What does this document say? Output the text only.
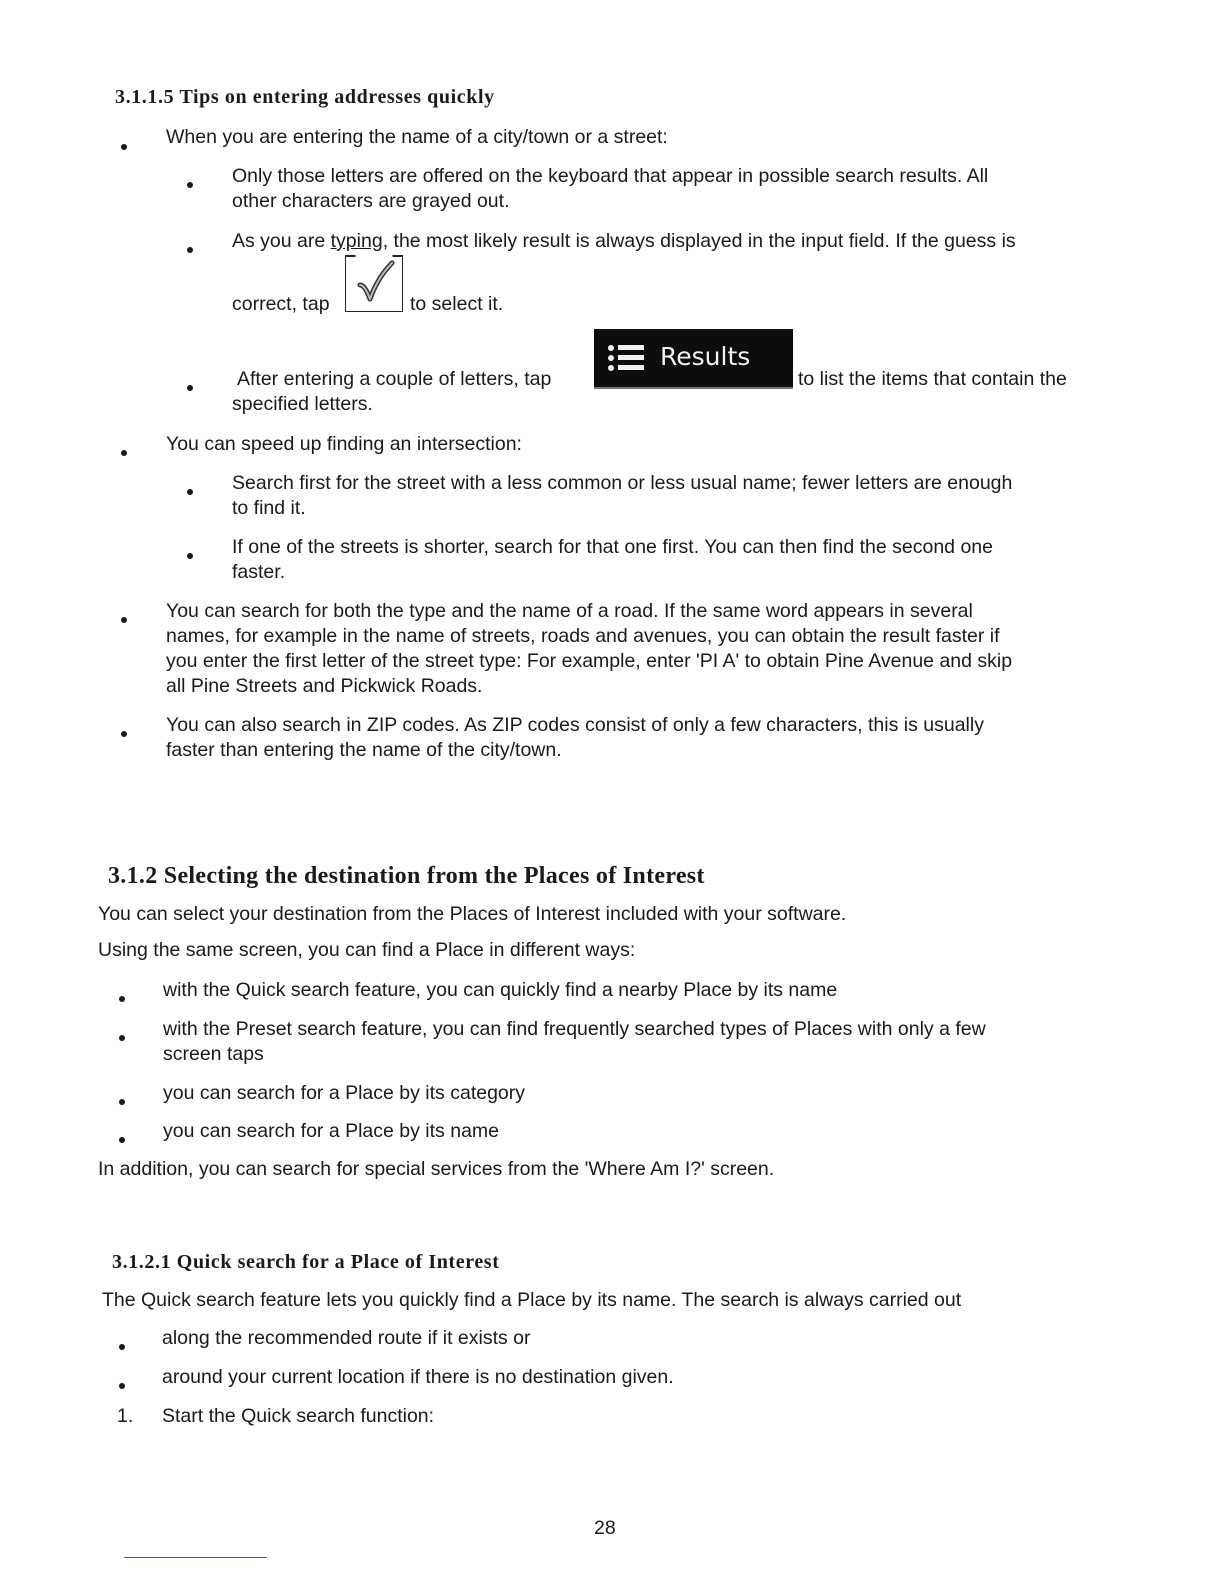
3.1.1.5 Tips on entering addresses quickly
When you are entering the name of a city/town or a street:
Only those letters are offered on the keyboard that appear in possible search results. All
other characters are grayed out.
As you are typing, the most likely result is always displayed in the input field. If the guess is
correct, tap	to select it.
After entering a couple of letters, tap
Results
to list the items that contain the
specified letters.
You can speed up finding an intersection:
Search first for the street with a less common or less usual name; fewer letters are enough
to find it.
If one of the streets is shorter, search for that one first. You can then find the second one
faster.
You can search for both the type and the name of a road. If the same word appears in several
names, for example in the name of streets, roads and avenues, you can obtain the result faster if
you enter the first letter of the street type: For example, enter 'PI A' to obtain Pine Avenue and skip
all Pine Streets and Pickwick Roads.
You can also search in ZIP codes. As ZIP codes consist of only a few characters, this is usually
faster than entering the name of the city/town.
3.1.2 Selecting the destination from the Places of Interest
You can select your destination from the Places of Interest included with your software.
Using the same screen, you can find a Place in different ways:
with the Quick search feature, you can quickly find a nearby Place by its name
with the Preset search feature, you can find frequently searched types of Places with only a few
screen taps
you can search for a Place by its category
you can search for a Place by its name
In addition, you can search for special services from the 'Where Am I?' screen.
3.1.2.1 Quick search for a Place of Interest
The Quick search feature lets you quickly find a Place by its name. The search is always carried out
along the recommended route if it exists or
around your current location if there is no destination given.
1. Start the Quick search function:
28
